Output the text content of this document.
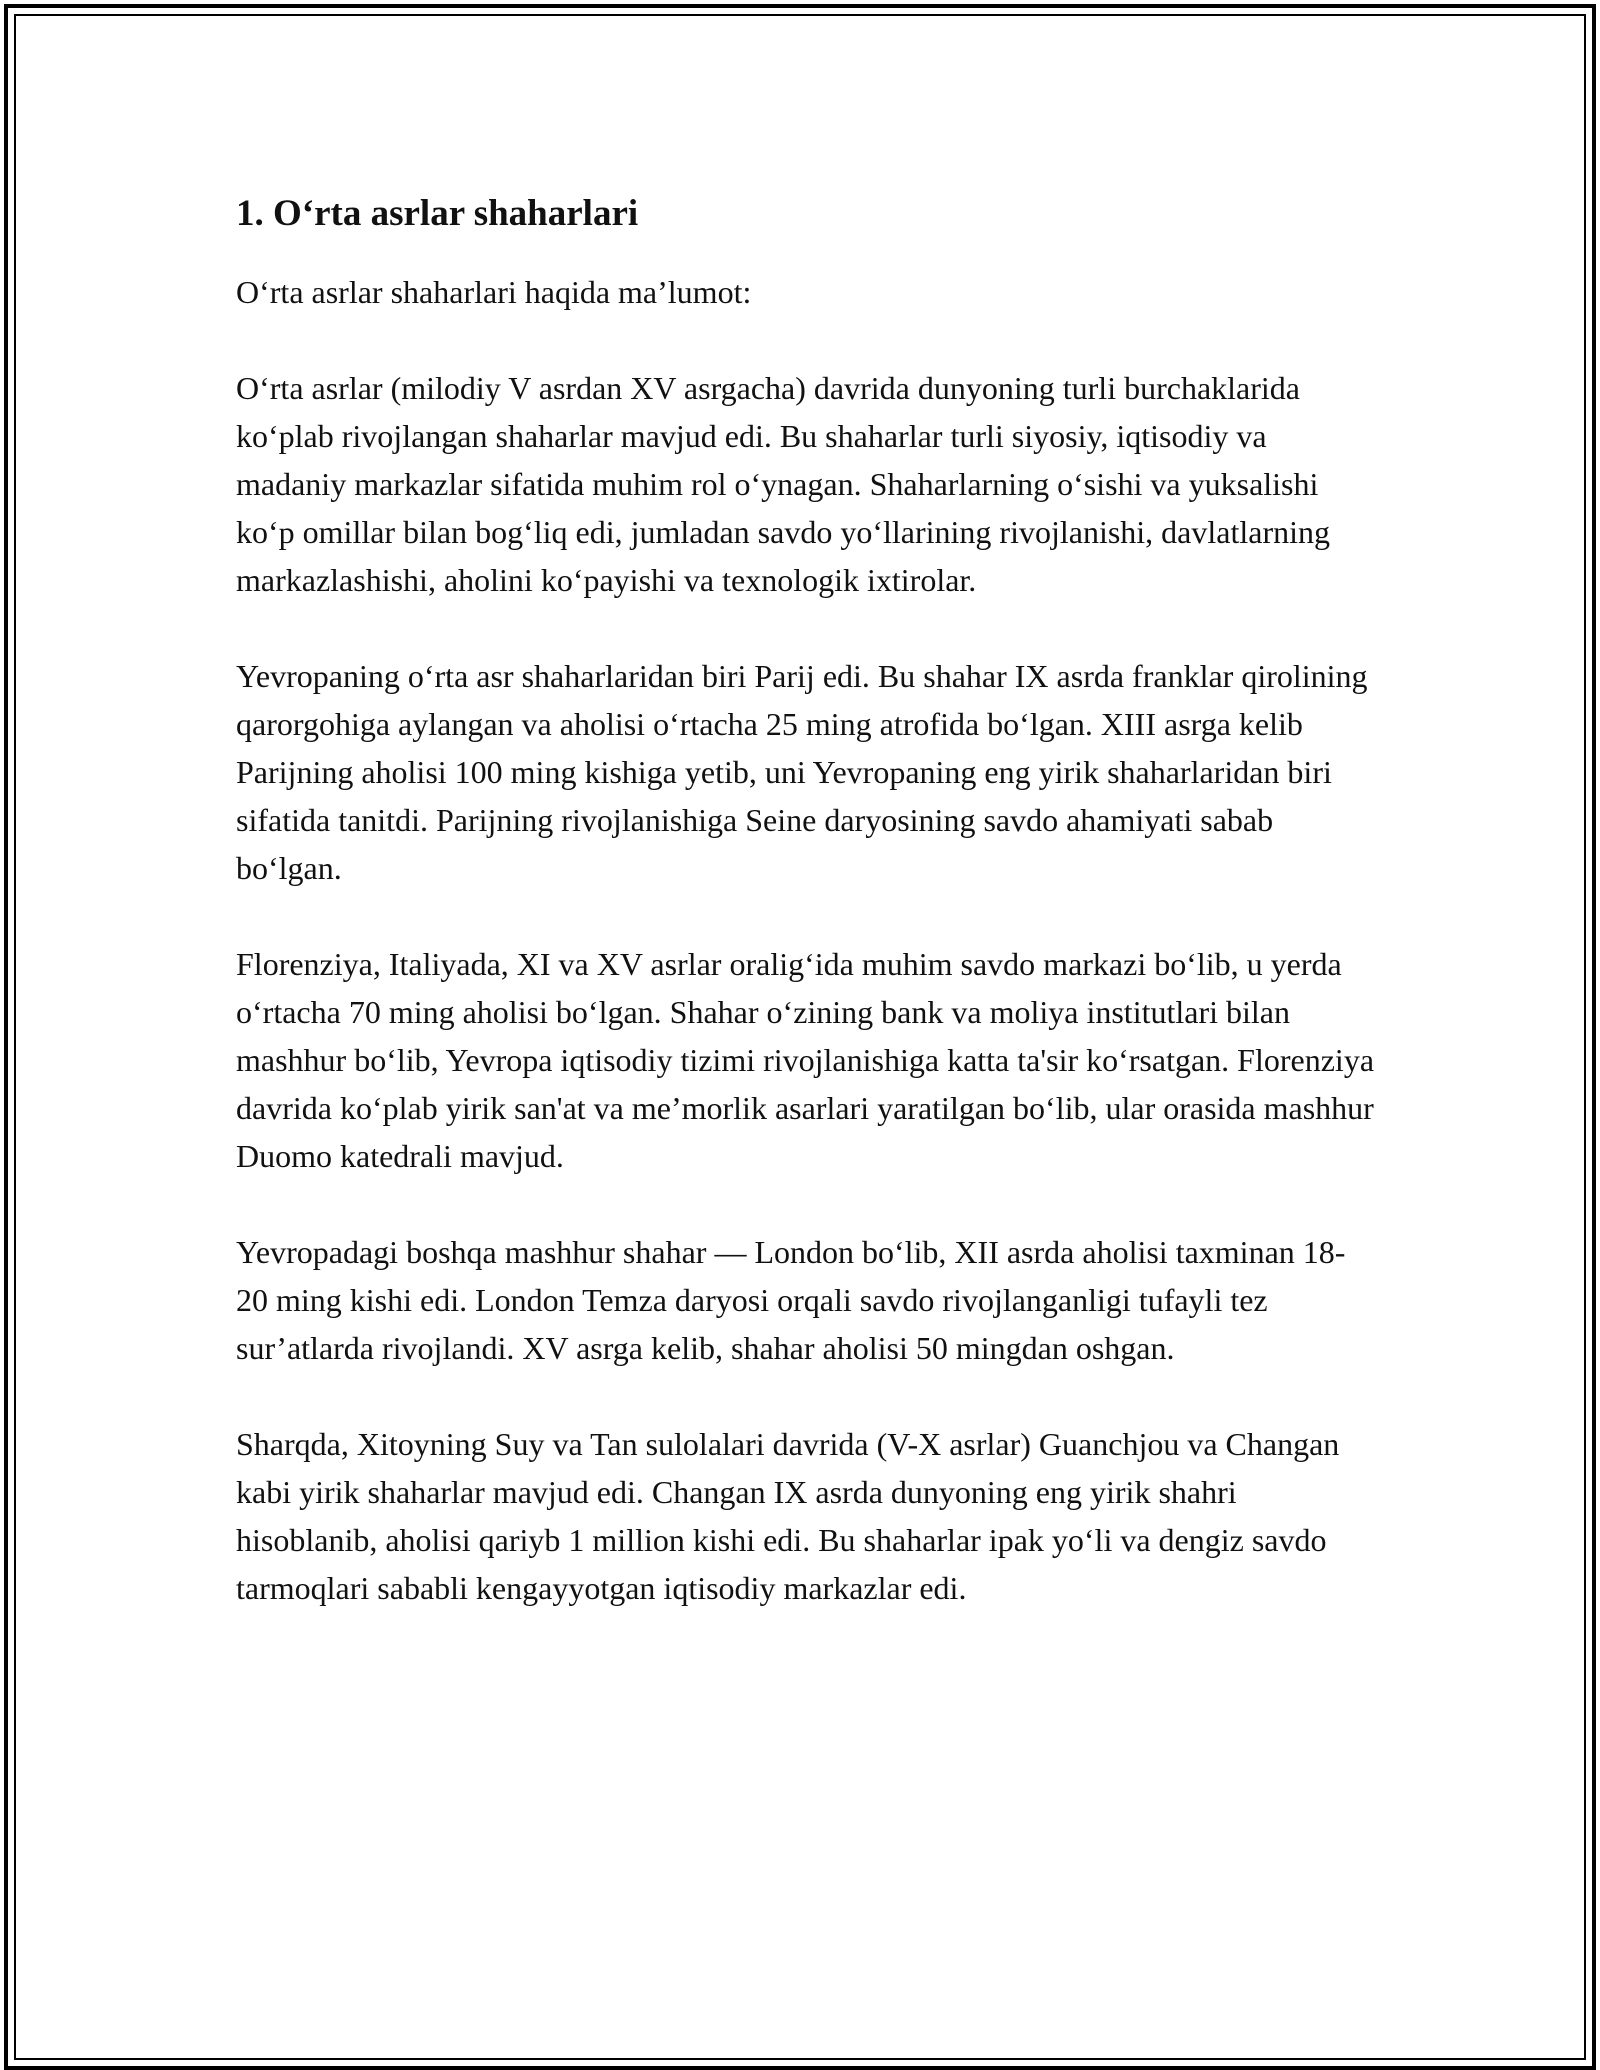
1. O‘rta asrlar shaharlari

O‘rta asrlar shaharlari haqida ma’lumot:

O‘rta asrlar (milodiy V asrdan XV asrgacha) davrida dunyoning turli burchaklarida ko‘plab rivojlangan shaharlar mavjud edi. Bu shaharlar turli siyosiy, iqtisodiy va madaniy markazlar sifatida muhim rol o‘ynagan. Shaharlarning o‘sishi va yuksalishi ko‘p omillar bilan bog‘liq edi, jumladan savdo yo‘llarining rivojlanishi, davlatlarning markazlashishi, aholini ko‘payishi va texnologik ixtirolar.

Yevropaning o‘rta asr shaharlaridan biri Parij edi. Bu shahar IX asrda franklar qirolining qarorgohiga aylangan va aholisi o‘rtacha 25 ming atrofida bo‘lgan. XIII asrga kelib Parijning aholisi 100 ming kishiga yetib, uni Yevropaning eng yirik shaharlaridan biri sifatida tanitdi. Parijning rivojlanishiga Seine daryosining savdo ahamiyati sabab bo‘lgan.

Florenziya, Italiyada, XI va XV asrlar oralig‘ida muhim savdo markazi bo‘lib, u yerda o‘rtacha 70 ming aholisi bo‘lgan. Shahar o‘zining bank va moliya institutlari bilan mashhur bo‘lib, Yevropa iqtisodiy tizimi rivojlanishiga katta ta'sir ko‘rsatgan. Florenziya davrida ko‘plab yirik san'at va me’morlik asarlari yaratilgan bo‘lib, ular orasida mashhur Duomo katedrali mavjud.

Yevropadagi boshqa mashhur shahar — London bo‘lib, XII asrda aholisi taxminan 18-20 ming kishi edi. London Temza daryosi orqali savdo rivojlanganligi tufayli tez sur’atlarda rivojlandi. XV asrga kelib, shahar aholisi 50 mingdan oshgan.

Sharqda, Xitoyning Suy va Tan sulolalari davrida (V-X asrlar) Guanchjou va Changan kabi yirik shaharlar mavjud edi. Changan IX asrda dunyoning eng yirik shahri hisoblanib, aholisi qariyb 1 million kishi edi. Bu shaharlar ipak yo‘li va dengiz savdo tarmoqlari sababli kengayyotgan iqtisodiy markazlar edi.
